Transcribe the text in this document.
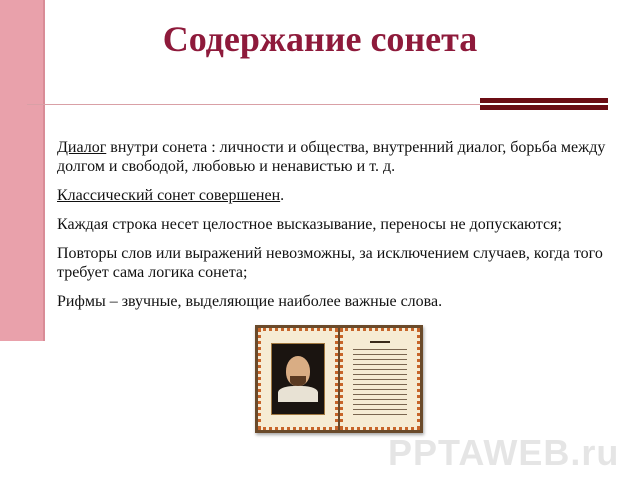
Содержание сонета

Диалог внутри сонета : личности и общества, внутренний диалог, борьба между долгом и свободой, любовью и ненавистью и т. д.

Классический сонет совершенен.

Каждая строка несет целостное высказывание, переносы не допускаются;

Повторы слов или выражений невозможны, за исключением случаев, когда того требует сама логика сонета;

Рифмы – звучные, выделяющие наиболее важные слова.

PPTAWEB.ru
